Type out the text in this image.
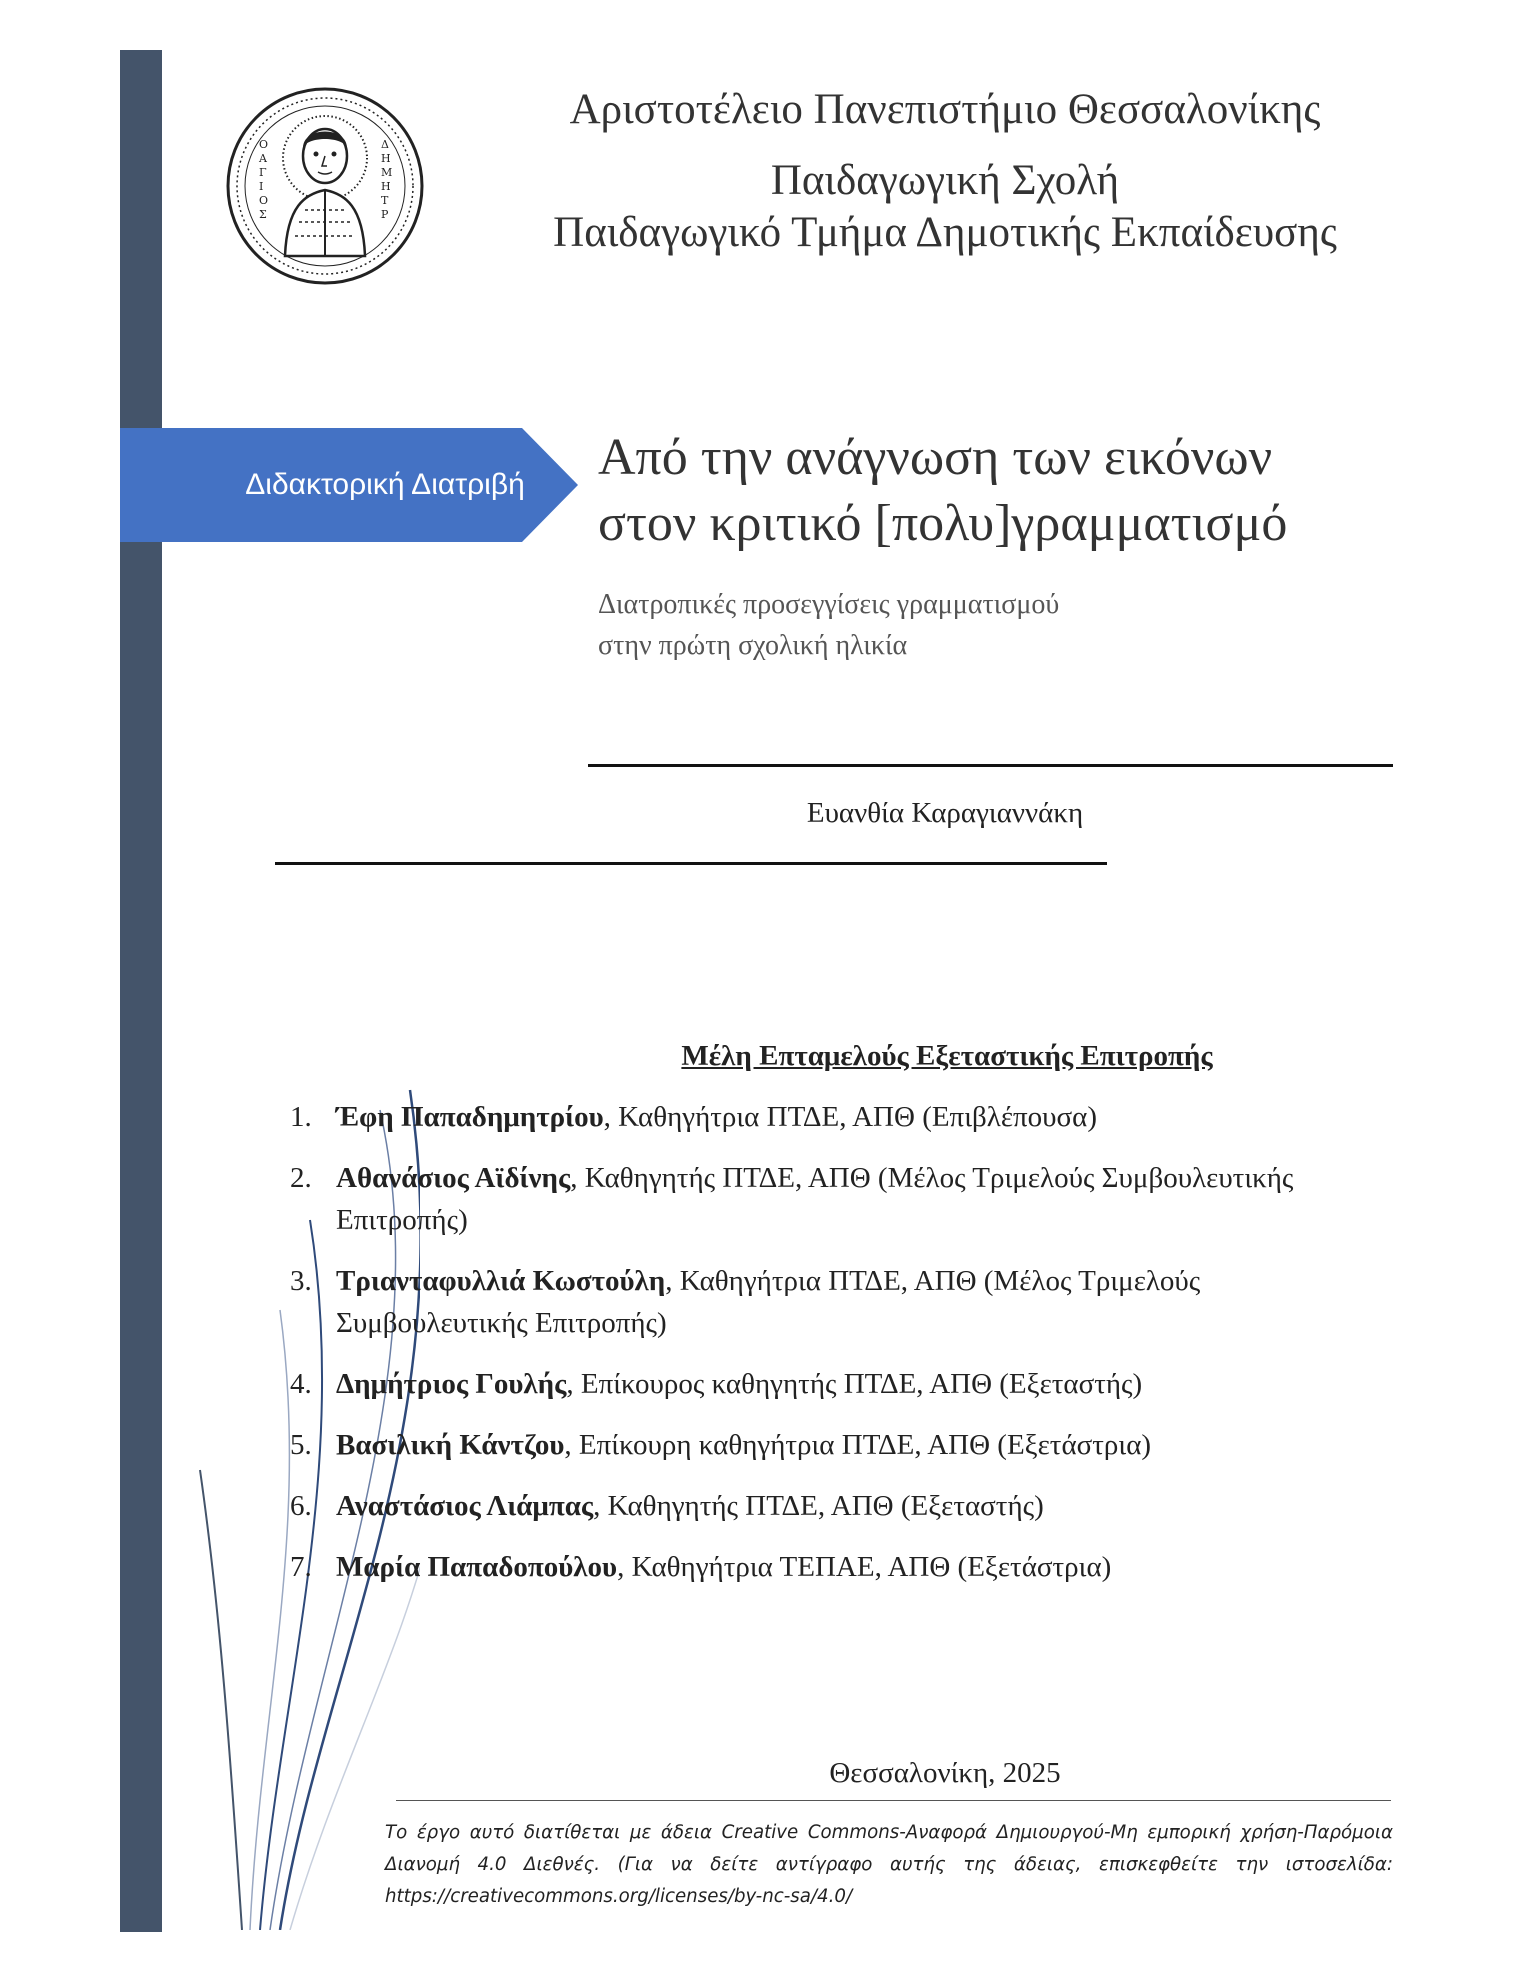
Διδακτορική Διατριβή
Ο
Α
Γ
Ι
Ο
Σ
Δ
Η
Μ
Η
Τ
Ρ
Αριστοτέλειο Πανεπιστήμιο Θεσσαλονίκης
Παιδαγωγική Σχολή
Παιδαγωγικό Τμήμα Δημοτικής Εκπαίδευσης
Από την ανάγνωση των εικόνων
στον κριτικό [πολυ]γραμματισμό
Διατροπικές προσεγγίσεις γραμματισμού
στην πρώτη σχολική ηλικία
Ευανθία Καραγιαννάκη
Μέλη Επταμελούς Εξεταστικής Επιτροπής
1. Έφη Παπαδημητρίου, Καθηγήτρια ΠΤΔΕ, ΑΠΘ (Επιβλέπουσα)
2. Αθανάσιος Αϊδίνης, Καθηγητής ΠΤΔΕ, ΑΠΘ (Μέλος Τριμελούς Συμβουλευτικής Επιτροπής)
3. Τριανταφυλλιά Κωστούλη, Καθηγήτρια ΠΤΔΕ, ΑΠΘ (Μέλος Τριμελούς Συμβουλευτικής Επιτροπής)
4. Δημήτριος Γουλής, Επίκουρος καθηγητής ΠΤΔΕ, ΑΠΘ (Εξεταστής)
5. Βασιλική Κάντζου, Επίκουρη καθηγήτρια ΠΤΔΕ, ΑΠΘ (Εξετάστρια)
6. Αναστάσιος Λιάμπας, Καθηγητής ΠΤΔΕ, ΑΠΘ (Εξεταστής)
7. Μαρία Παπαδοπούλου, Καθηγήτρια ΤΕΠΑΕ, ΑΠΘ (Εξετάστρια)
Θεσσαλονίκη, 2025
Το έργο αυτό διατίθεται με άδεια Creative Commons-Αναφορά Δημιουργού-Μη εμπορική χρήση-Παρόμοια Διανομή 4.0 Διεθνές. (Για να δείτε αντίγραφο αυτής της άδειας, επισκεφθείτε την ιστοσελίδα: https://creativecommons.org/licenses/by-nc-sa/4.0/
